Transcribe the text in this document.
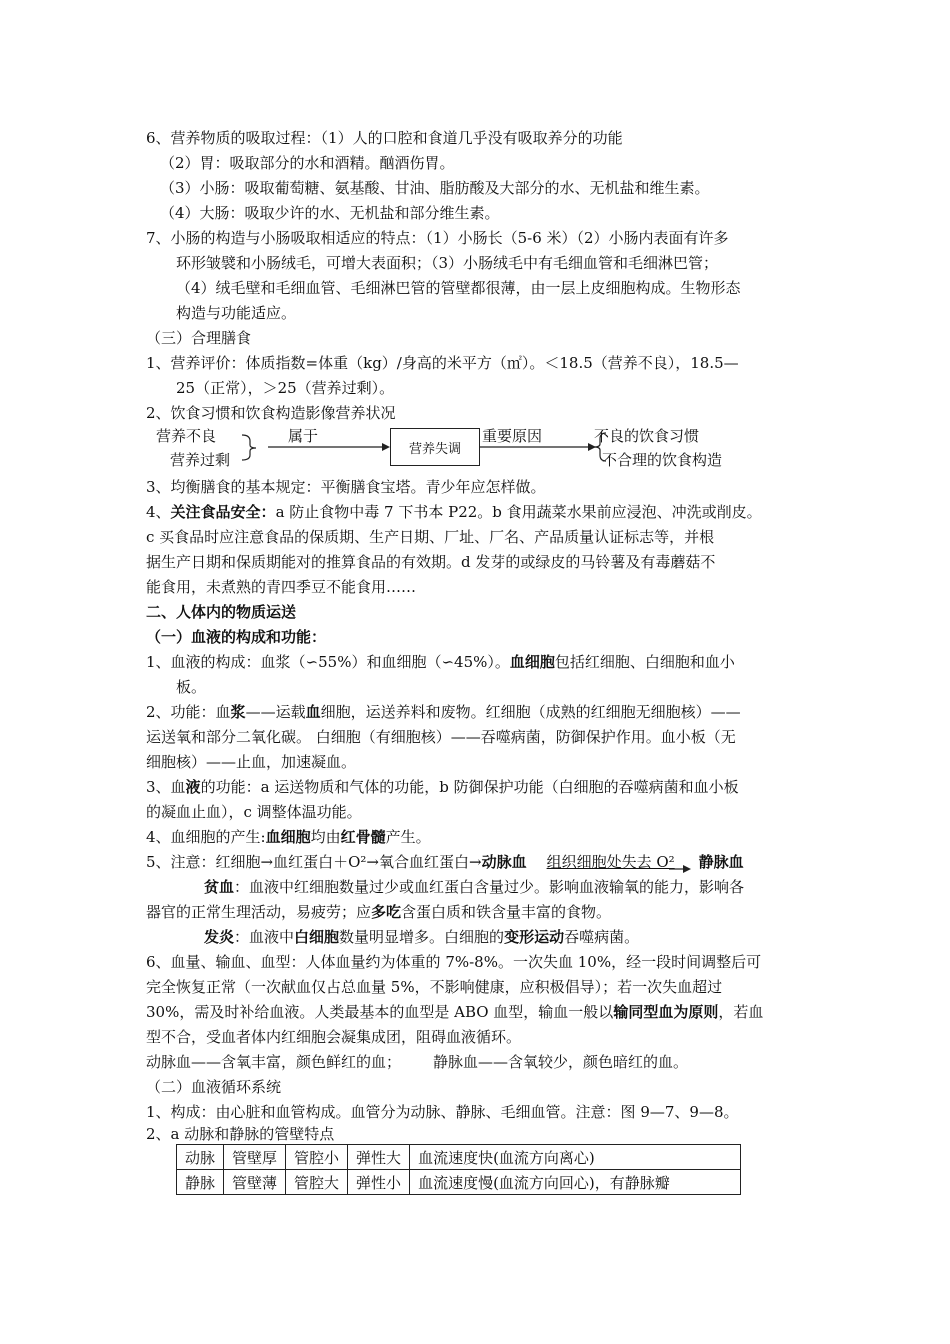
6、营养物质的吸取过程：（1）人的口腔和食道几乎没有吸取养分的功能
（2）胃：吸取部分的水和酒精。酗酒伤胃。
（3）小肠：吸取葡萄糖、氨基酸、甘油、脂肪酸及大部分的水、无机盐和维生素。
（4）大肠：吸取少许的水、无机盐和部分维生素。
7、小肠的构造与小肠吸取相适应的特点：（1）小肠长（5-6 米）（2）小肠内表面有许多
环形皱襞和小肠绒毛，可增大表面积；（3）小肠绒毛中有毛细血管和毛细淋巴管；
（4）绒毛壁和毛细血管、毛细淋巴管的管壁都很薄，由一层上皮细胞构成。生物形态
构造与功能适应。
（三）合理膳食
1、营养评价：体质指数=体重（kg）/身高的米平方（㎡）。＜18.5（营养不良），18.5—
25（正常），＞25（营养过剩）。
2、饮食习惯和饮食构造影像营养状况
营养不良
营养过剩
属于
营养失调
重要原因	不良的饮食习惯
不合理的饮食构造
3、均衡膳食的基本规定：平衡膳食宝塔。青少年应怎样做。
4、关注食品安全：a 防止食物中毒 7 下书本 P22。b 食用蔬菜水果前应浸泡、冲洗或削皮。
c 买食品时应注意食品的保质期、生产日期、厂址、厂名、产品质量认证标志等，并根
据生产日期和保质期能对的推算食品的有效期。d 发芽的或绿皮的马铃薯及有毒蘑菇不
能食用，未煮熟的青四季豆不能食用……
二、人体内的物质运送
（一）血液的构成和功能：
1、血液的构成：血浆（∽55%）和血细胞（∽45%）。血细胞包括红细胞、白细胞和血小
板。
2、功能：血浆——运载血细胞，运送养料和废物。红细胞（成熟的红细胞无细胞核）——
运送氧和部分二氧化碳。 白细胞（有细胞核）——吞噬病菌，防御保护作用。血小板（无
细胞核）——止血，加速凝血。
3、血液的功能：a 运送物质和气体的功能，b 防御保护功能（白细胞的吞噬病菌和血小板
的凝血止血），c 调整体温功能。
4、血细胞的产生:血细胞均由红骨髓产生。
5、注意：红细胞→血红蛋白＋O²→氧合血红蛋白→动脉血 组织细胞处失去 O² 静脉血
贫血：血液中红细胞数量过少或血红蛋白含量过少。影响血液输氧的能力，影响各
器官的正常生理活动，易疲劳；应多吃含蛋白质和铁含量丰富的食物。
发炎：血液中白细胞数量明显增多。白细胞的变形运动吞噬病菌。
6、血量、输血、血型：人体血量约为体重的 7%-8%。一次失血 10%，经一段时间调整后可
完全恢复正常（一次献血仅占总血量 5%，不影响健康，应积极倡导）；若一次失血超过
30%，需及时补给血液。人类最基本的血型是 ABO 血型，输血一般以输同型血为原则，若血
型不合，受血者体内红细胞会凝集成团，阻碍血液循环。
动脉血——含氧丰富，颜色鲜红的血； 静脉血——含氧较少，颜色暗红的血。
（二）血液循环系统
1、构成：由心脏和血管构成。血管分为动脉、静脉、毛细血管。注意：图 9—7、9—8。
2、a 动脉和静脉的管壁特点
动脉	管壁厚	管腔小	弹性大	血流速度快(血流方向离心)
静脉	管壁薄	管腔大	弹性小	血流速度慢(血流方向回心)，有静脉瓣
